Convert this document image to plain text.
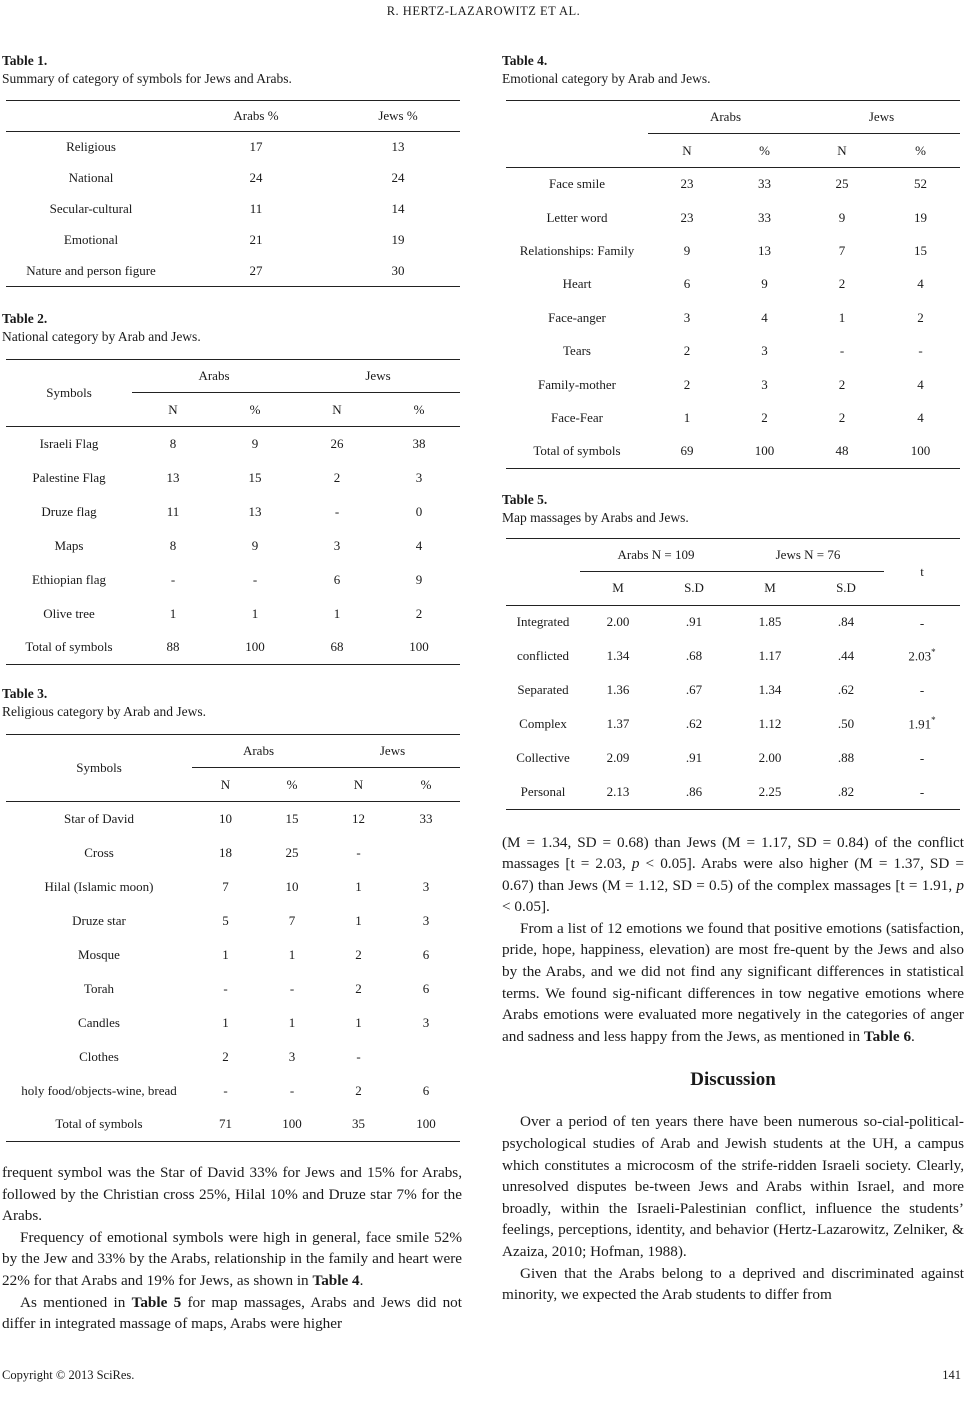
R. HERTZ-LAZAROWITZ ET AL.
Table 1.
Summary of category of symbols for Jews and Arabs.
	Arabs %	Jews %
Religious	17	13
National	24	24
Secular-cultural	11	14
Emotional	21	19
Nature and person figure	27	30
Table 2.
National category by Arab and Jews.
Symbols	Arabs		Jews	
	N	%	N	%
Israeli Flag	8	9	26	38
Palestine Flag	13	15	2	3
Druze flag	11	13	-	0
Maps	8	9	3	4
Ethiopian flag	-	-	6	9
Olive tree	1	1	1	2
Total of symbols	88	100	68	100
Table 3.
Religious category by Arab and Jews.
Symbols	Arabs		Jews	
	N	%	N	%
Star of David	10	15	12	33
Cross	18	25	-	
Hilal (Islamic moon)	7	10	1	3
Druze star	5	7	1	3
Mosque	1	1	2	6
Torah	-	-	2	6
Candles	1	1	1	3
Clothes	2	3	-	
holy food/objects-wine, bread	-	-	2	6
Total of symbols	71	100	35	100

frequent symbol was the Star of David 33% for Jews and 15% for Arabs, followed by the Christian cross 25%, Hilal 10% and Druze star 7% for the Arabs.

Frequency of emotional symbols were high in general, face smile 52% by the Jew and 33% by the Arabs, relationship in the family and heart were 22% for that Arabs and 19% for Jews, as shown in Table 4.

As mentioned in Table 5 for map massages, Arabs and Jews did not differ in integrated massage of maps, Arabs were higher

Table 4.
Emotional category by Arab and Jews.
	Arabs		Jews	
	N	%	N	%
Face smile	23	33	25	52
Letter word	23	33	9	19
Relationships: Family	9	13	7	15
Heart	6	9	2	4
Face-anger	3	4	1	2
Tears	2	3	-	-
Family-mother	2	3	2	4
Face-Fear	1	2	2	4
Total of symbols	69	100	48	100
Table 5.
Map massages by Arabs and Jews.
	Arabs N = 109		Jews N = 76		t
	M	S.D	M	S.D	
Integrated	2.00	.91	1.85	.84	-
conflicted	1.34	.68	1.17	.44	2.03*
Separated	1.36	.67	1.34	.62	-
Complex	1.37	.62	1.12	.50	1.91*
Collective	2.09	.91	2.00	.88	-
Personal	2.13	.86	2.25	.82	-

(M = 1.34, SD = 0.68) than Jews (M = 1.17, SD = 0.84) of the conflict massages [t = 2.03, p < 0.05]. Arabs were also higher (M = 1.37, SD = 0.67) than Jews (M = 1.12, SD = 0.5) of the complex massages [t = 1.91, p < 0.05].

From a list of 12 emotions we found that positive emotions (satisfaction, pride, hope, happiness, elevation) are most fre-quent by the Jews and also by the Arabs, and we did not find any significant differences in statistical terms. We found sig-nificant differences in tow negative emotions where Arabs emotions were evaluated more negatively in the categories of anger and sadness and less happy from the Jews, as mentioned in Table 6.

Discussion

Over a period of ten years there have been numerous so-cial-political-psychological studies of Arab and Jewish students at the UH, a campus which constitutes a microcosm of the strife-ridden Israeli society. Clearly, unresolved disputes be-tween Jews and Arabs within Israel, and more broadly, within the Israeli-Palestinian conflict, influence the students’ feelings, perceptions, identity, and behavior (Hertz-Lazarowitz, Zelniker, & Azaiza, 2010; Hofman, 1988).

Given that the Arabs belong to a deprived and discriminated against minority, we expected the Arab students to differ from

Copyright © 2013 SciRes.	141
